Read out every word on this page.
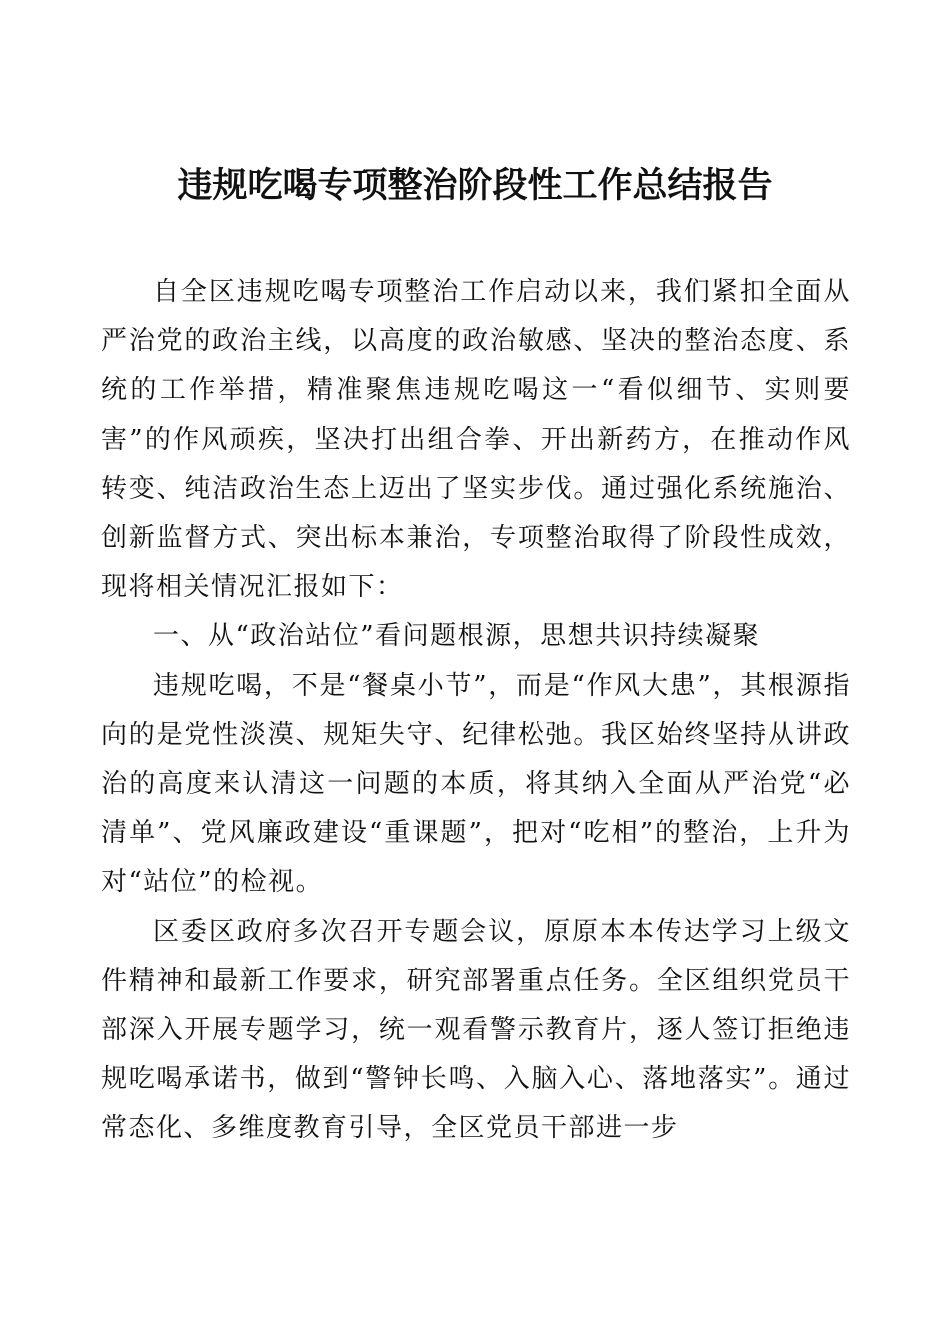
违规吃喝专项整治阶段性工作总结报告

自全区违规吃喝专项整治工作启动以来，我们紧扣全面从严治党的政治主线，以高度的政治敏感、坚决的整治态度、系统的工作举措，精准聚焦违规吃喝这一“看似细节、实则要害”的作风顽疾，坚决打出组合拳、开出新药方，在推动作风转变、纯洁政治生态上迈出了坚实步伐。通过强化系统施治、创新监督方式、突出标本兼治，专项整治取得了阶段性成效，现将相关情况汇报如下：

一、从“政治站位”看问题根源，思想共识持续凝聚

违规吃喝，不是“餐桌小节”，而是“作风大患”，其根源指向的是党性淡漠、规矩失守、纪律松弛。我区始终坚持从讲政治的高度来认清这一问题的本质，将其纳入全面从严治党“必清单”、党风廉政建设“重课题”，把对“吃相”的整治，上升为对“站位”的检视。

区委区政府多次召开专题会议，原原本本传达学习上级文件精神和最新工作要求，研究部署重点任务。全区组织党员干部深入开展专题学习，统一观看警示教育片，逐人签订拒绝违规吃喝承诺书，做到“警钟长鸣、入脑入心、落地落实”。通过常态化、多维度教育引导，全区党员干部进一步
